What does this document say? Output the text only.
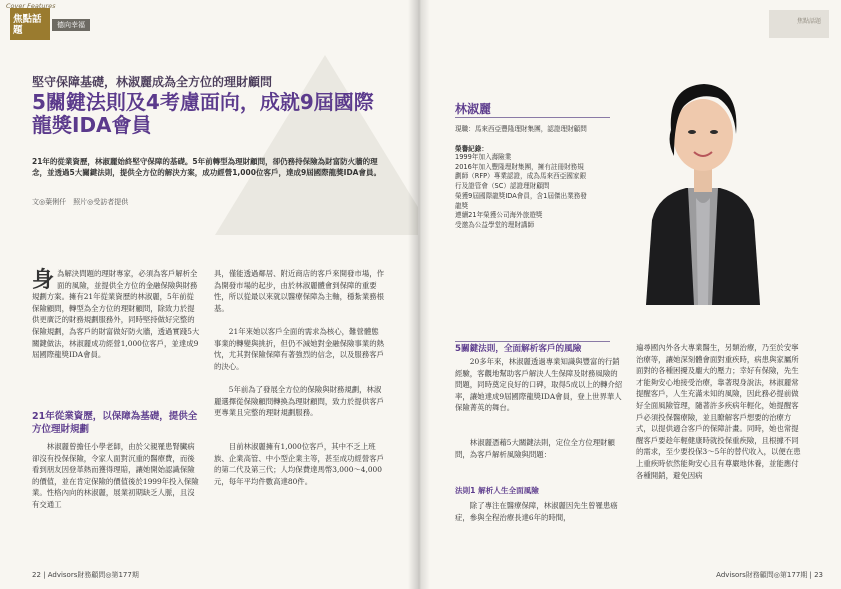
Cover Features
焦點話題	德向幸福
堅守保障基礎，林淑麗成為全方位的理財顧問
5關鍵法則及4考慮面向，成就9屆國際龍獎IDA會員
21年的從業資歷，林淑麗始終堅守保障的基礎。5年前轉型為理財顧問，卻仍務持保險為財富防火牆的理念，並透過5大關鍵法則，提供全方位的解決方案，成功經營1,000位客戶，達成9屆國際龍獎IDA會員。
文◎葉俐仟　照片◎受訪者提供
身 為解決問題的理財專家，必須為客戶解析全面的風險，並提供全方位的金融保險與財務規劃方案。擁有21年從業資歷的林淑麗，5年前從保險顧問，轉型為全方位的理財顧問，除致力於提供更廣泛的財務規劃服務外，同時堅持做好完整的保險規劃，為客戶的財富做好防火牆，透過實踐5大關鍵做法，林淑麗成功經營1,000位客戶，並達成9屆國際龍獎IDA會員。
21年從業資歷，以保障為基礎，提供全方位理財規劃

林淑麗曾擔任小學老師，由於父親罹患腎臟病卻沒有投保保險，令家人面對沉重的醫療費，而後看到朋友因登革熱而獲得理賠，讓她開始認識保險的價值，並在肯定保險的價值後於1999年投入保險業。性格內向的林淑麗，展業初期缺乏人脈，且沒有交通工

具，僅能透過鄰居、附近商店的客戶來開發市場，作為開發市場的起步，由於林淑麗體會到保障的重要性，所以從最以來就以醫療保障為主軸，穩紮業務根基。

21年來她以客戶全面的需求為核心，難營體態事業的轉變與挑折，但仍不減她對金融保險事業的熱忱，尤其對保險保障有著強烈的信念，以及服務客戶的決心。

5年前為了發展全方位的保險與財務規劃，林淑麗選擇從保險顧問轉換為理財顧問，致力於提供客戶更專業且完整的理財規劃服務。

目前林淑麗擁有1,000位客戶，其中不乏上班族、企業高管、中小型企業主等，甚至成功經營客戶的第二代及第三代；人均保費達馬幣3,000～4,000元，每年平均件數高達80件。

22 | Advisors財務顧問◎第177期
焦點話題
林淑麗
現職：馬來西亞豐隆理財集團，認證理財顧問
榮譽紀錄：
1999年加入壽險業
2016年加入豐隆理財集團，擁有註冊財務規劃師（RFP）專業認證，成為馬來西亞國家銀行及證管會（SC）認證理財顧問
榮獲9屆國際龍獎IDA會員，含1屆傑出業務發龍獎
連續21年榮獲公司海外旅遊獎
受邀為公益學堂的理財講師
5關鍵法則，全面解析客戶的風險

20多年來，林淑麗透過專業知識與豐富的行銷經驗，客觀地幫助客戶解決人生保障及財務風險的問題，同時奠定良好的口碑，取得5成以上的轉介紹率，讓她達成9屆國際龍獎IDA會員，登上世界華人保險菁英的舞台。

林淑麗憑藉5大關鍵法則，定位全方位理財顧問，為客戶解析風險與問題：

法則1 解析人生全面風險

除了專注在醫療保障，林淑麗因先生曾罹患癌症，參與全程治療長達6年的時間，

遍尋國內外各大專業醫生，另類治療，乃至於安寧治療等，讓她深刻體會面對重疾時，病患與家屬所面對的各種困擾及龐大的壓力；幸好有保險，先生才能夠安心地接受治療，靠著現身說法，林淑麗常提醒客戶，人生充滿未知的風險，因此務必提前做好全面風險管理，隨著許多疾病年輕化，她提醒客戶必須投保醫療險，並且瞭解客戶想要的治療方式，以提供適合客戶的保障計畫。同時，她也常提醒客戶要趁年輕健康時就投保重疾險，且根據不同的需求，至少要投保3～5年的替代收入，以便在患上重疾時依然能夠安心且有尊嚴地休養，並能應付各種開銷，避免因病

Advisors財務顧問◎第177期 | 23
